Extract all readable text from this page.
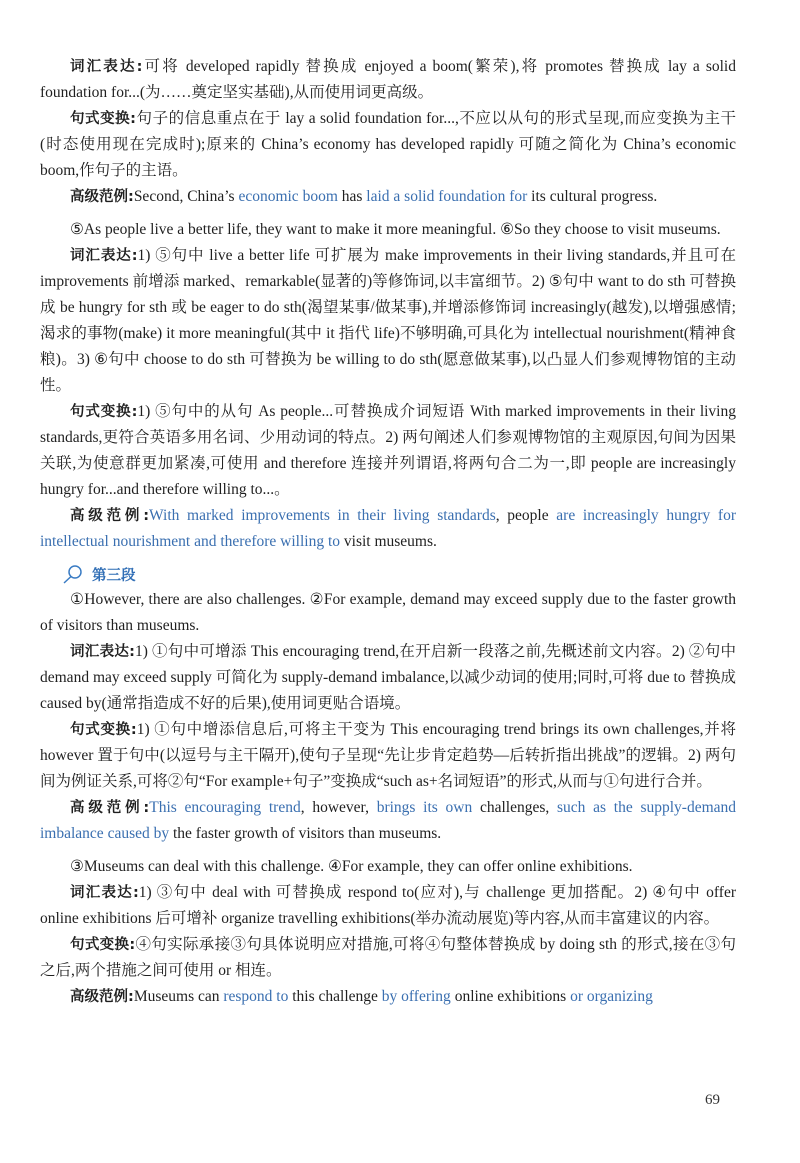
词汇表达:可将 developed rapidly 替换成 enjoyed a boom(繁荣),将 promotes 替换成 lay a solid foundation for...(为……奠定坚实基础),从而使用词更高级。

句式变换:句子的信息重点在于 lay a solid foundation for...,不应以从句的形式呈现,而应变换为主干(时态使用现在完成时);原来的 China’s economy has developed rapidly 可随之简化为 China’s economic boom,作句子的主语。

高级范例:Second, China’s economic boom has laid a solid foundation for its cultural progress.

⑤As people live a better life, they want to make it more meaningful. ⑥So they choose to visit museums.

词汇表达:1) ⑤句中 live a better life 可扩展为 make improvements in their living standards,并且可在 improvements 前增添 marked、remarkable(显著的)等修饰词,以丰富细节。2) ⑤句中 want to do sth 可替换成 be hungry for sth 或 be eager to do sth(渴望某事/做某事),并增添修饰词 increasingly(越发),以增强感情;渴求的事物(make) it more meaningful(其中 it 指代 life)不够明确,可具化为 intellectual nourishment(精神食粮)。3) ⑥句中 choose to do sth 可替换为 be willing to do sth(愿意做某事),以凸显人们参观博物馆的主动性。

句式变换:1) ⑤句中的从句 As people...可替换成介词短语 With marked improvements in their living standards,更符合英语多用名词、少用动词的特点。2) 两句阐述人们参观博物馆的主观原因,句间为因果关联,为使意群更加紧凑,可使用 and therefore 连接并列谓语,将两句合二为一,即 people are increasingly hungry for...and therefore willing to...。

高级范例:With marked improvements in their living standards, people are increasingly hungry for intellectual nourishment and therefore willing to visit museums.

第三段

①However, there are also challenges. ②For example, demand may exceed supply due to the faster growth of visitors than museums.

词汇表达:1) ①句中可增添 This encouraging trend,在开启新一段落之前,先概述前文内容。2) ②句中 demand may exceed supply 可简化为 supply-demand imbalance,以减少动词的使用;同时,可将 due to 替换成 caused by(通常指造成不好的后果),使用词更贴合语境。

句式变换:1) ①句中增添信息后,可将主干变为 This encouraging trend brings its own challenges,并将 however 置于句中(以逗号与主干隔开),使句子呈现“先让步肯定趋势—后转折指出挑战”的逻辑。2) 两句间为例证关系,可将②句“For example+句子”变换成“such as+名词短语”的形式,从而与①句进行合并。

高级范例:This encouraging trend, however, brings its own challenges, such as the supply-demand imbalance caused by the faster growth of visitors than museums.

③Museums can deal with this challenge. ④For example, they can offer online exhibitions.

词汇表达:1) ③句中 deal with 可替换成 respond to(应对),与 challenge 更加搭配。2) ④句中 offer online exhibitions 后可增补 organize travelling exhibitions(举办流动展览)等内容,从而丰富建议的内容。

句式变换:④句实际承接③句具体说明应对措施,可将④句整体替换成 by doing sth 的形式,接在③句之后,两个措施之间可使用 or 相连。

高级范例:Museums can respond to this challenge by offering online exhibitions or organizing

69
